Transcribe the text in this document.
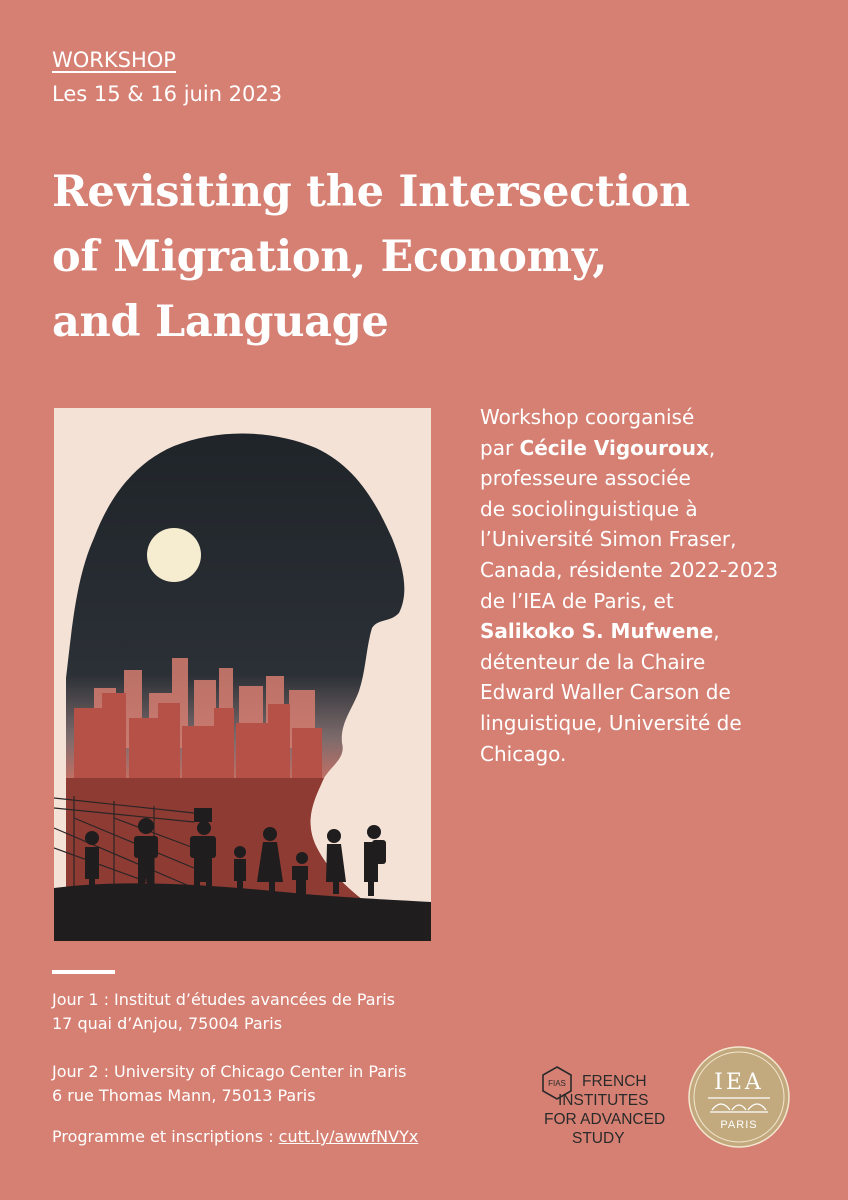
WORKSHOP
Les 15 & 16 juin 2023
Revisiting the Intersection
of Migration, Economy,
and Language

Workshop coorganisé
par Cécile Vigouroux,
professeure associée
de sociolinguistique à
l’Université Simon Fraser,
Canada, résidente 2022-2023
de l’IEA de Paris, et
Salikoko S. Mufwene,
détenteur de la Chaire
Edward Waller Carson de
linguistique, Université de
Chicago.

Jour 1 : Institut d’études avancées de Paris
17 quai d’Anjou, 75004 Paris
Jour 2 : University of Chicago Center in Paris
6 rue Thomas Mann, 75013 Paris
Programme et inscriptions : cutt.ly/awwfNVYx
FIAS	FRENCH
INSTITUTES
FOR ADVANCED
STUDY
IEA
PARIS
